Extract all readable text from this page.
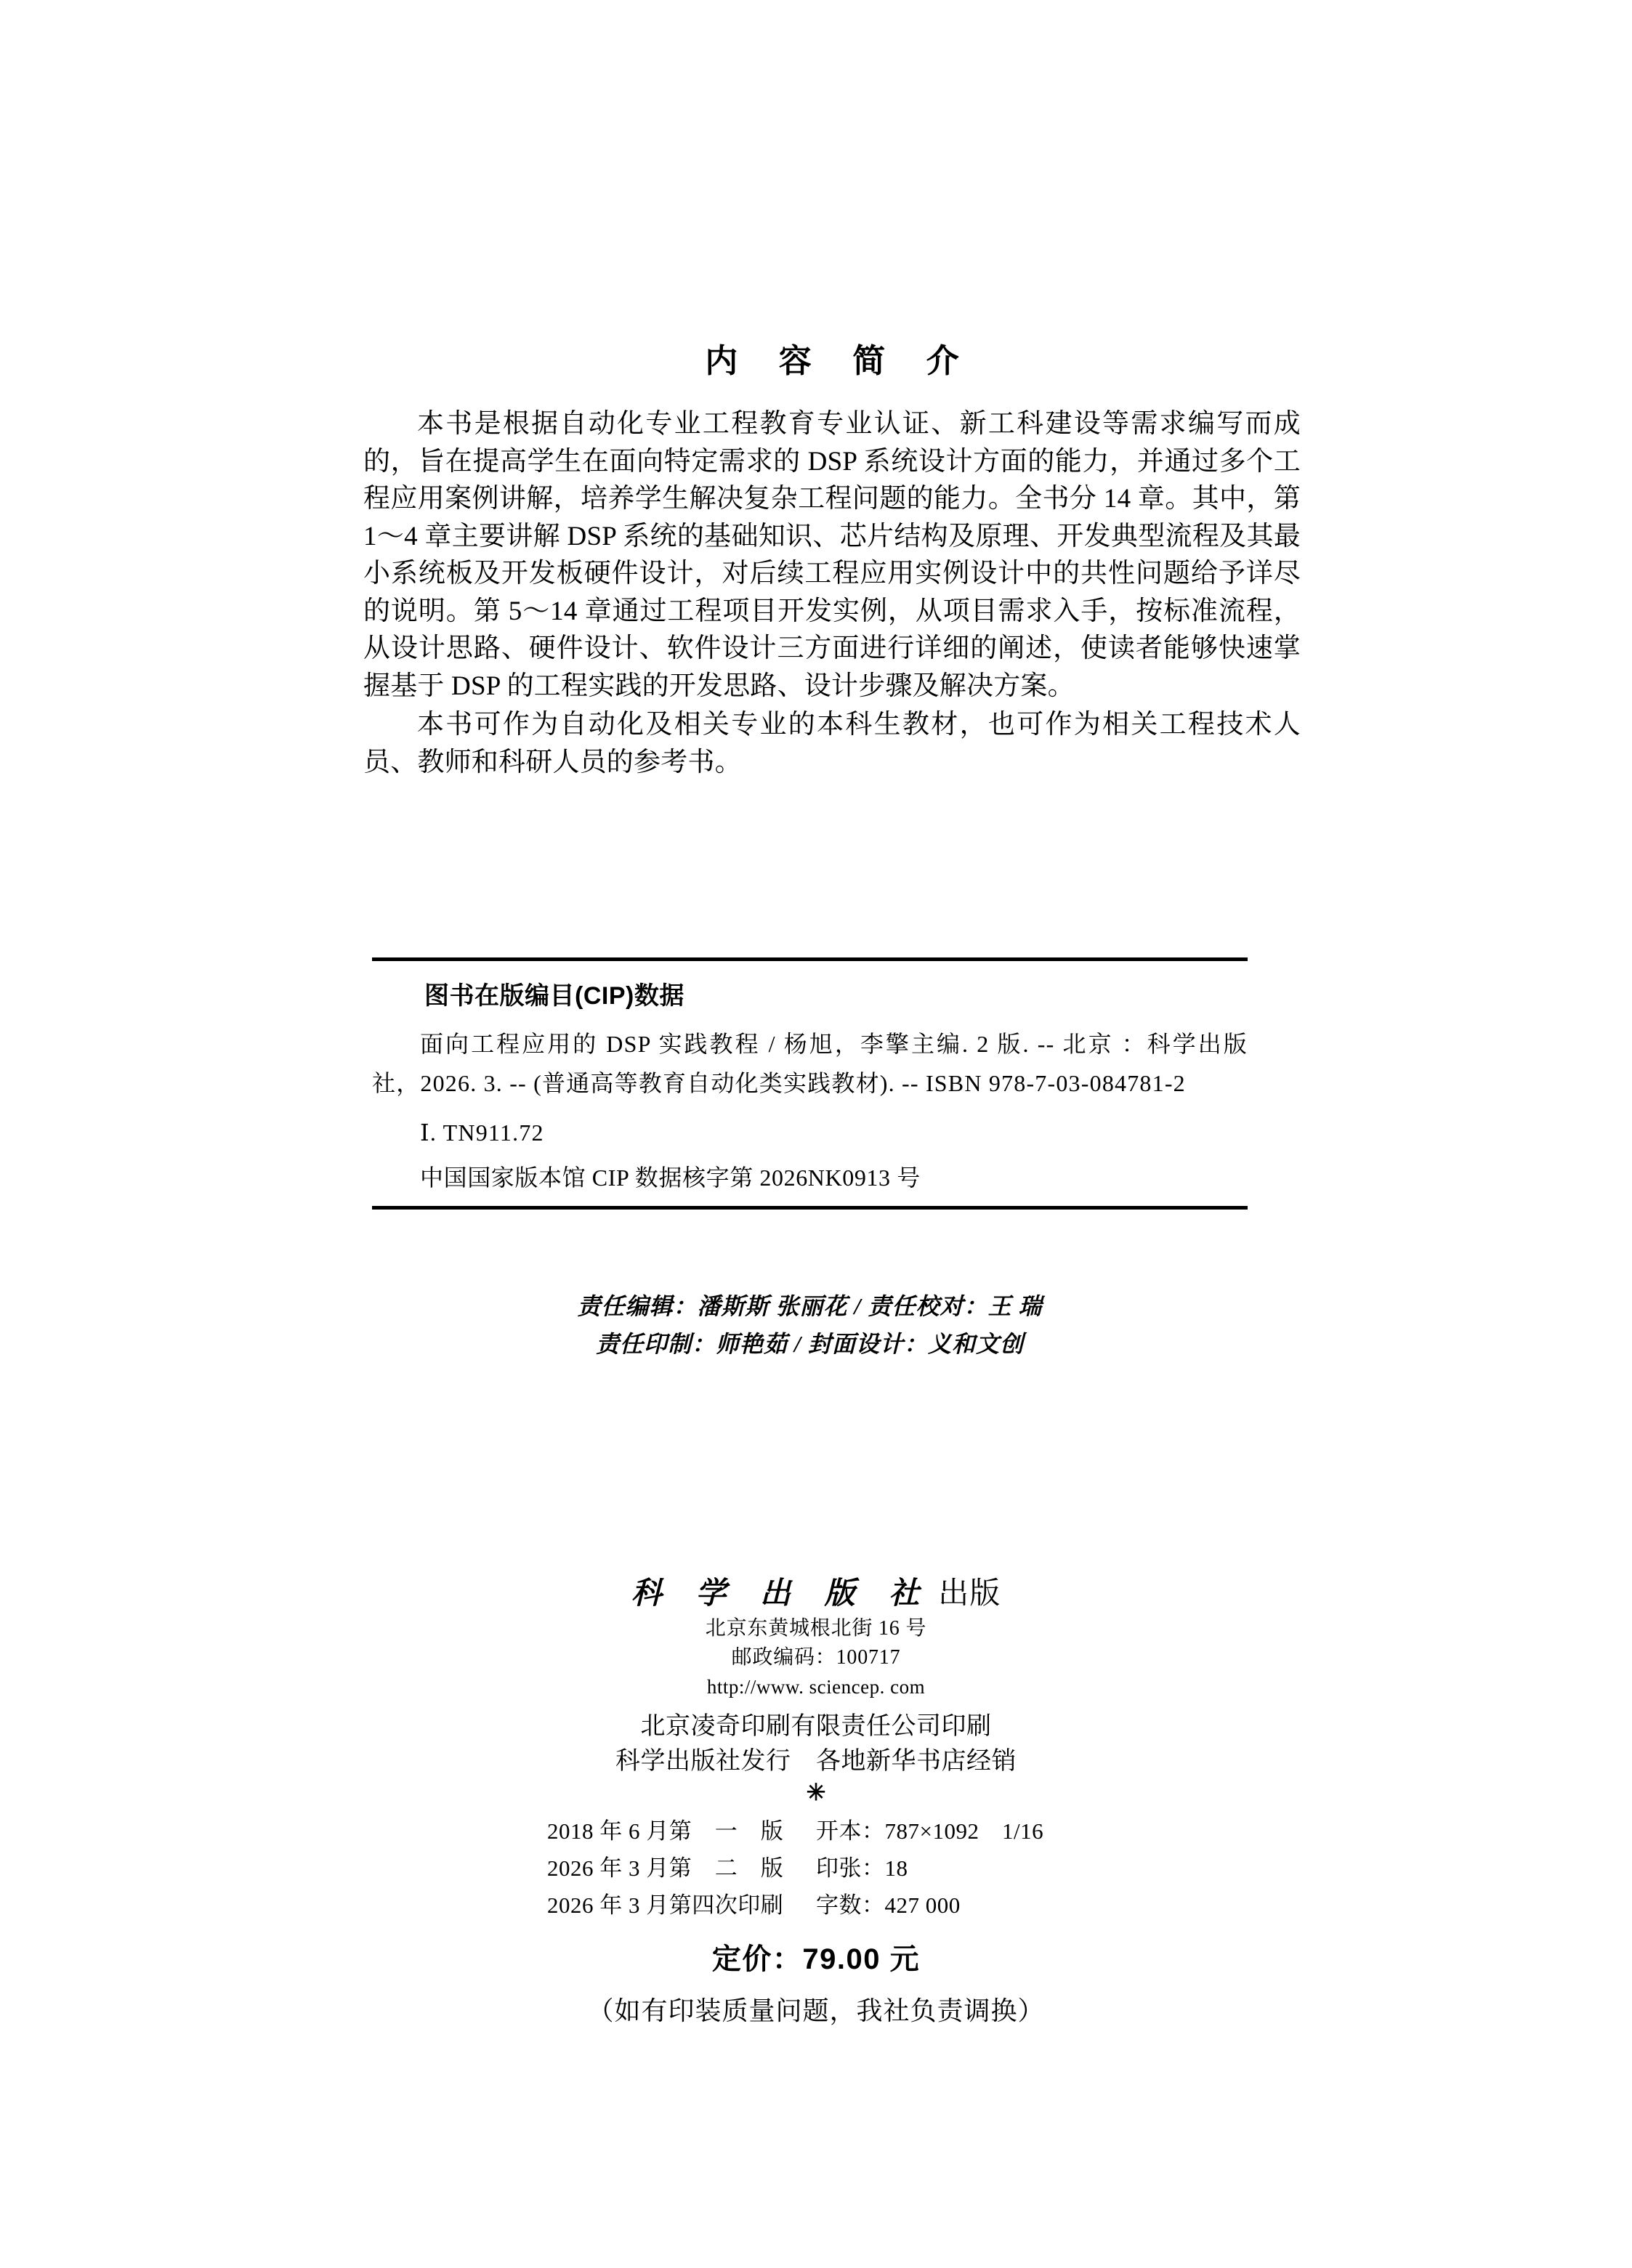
内 容 简 介

本书是根据自动化专业工程教育专业认证、新工科建设等需求编写而成的，旨在提高学生在面向特定需求的 DSP 系统设计方面的能力，并通过多个工程应用案例讲解，培养学生解决复杂工程问题的能力。全书分 14 章。其中，第 1～4 章主要讲解 DSP 系统的基础知识、芯片结构及原理、开发典型流程及其最小系统板及开发板硬件设计，对后续工程应用实例设计中的共性问题给予详尽的说明。第 5～14 章通过工程项目开发实例，从项目需求入手，按标准流程，从设计思路、硬件设计、软件设计三方面进行详细的阐述，使读者能够快速掌握基于 DSP 的工程实践的开发思路、设计步骤及解决方案。

本书可作为自动化及相关专业的本科生教材，也可作为相关工程技术人员、教师和科研人员的参考书。

图书在版编目(CIP)数据
面向工程应用的 DSP 实践教程 / 杨旭，李擎主编. 2 版. -- 北京 ：科学出版社，2026. 3. -- (普通高等教育自动化类实践教材). -- ISBN 978-7-03-084781-2
Ⅰ. TN911.72
中国国家版本馆 CIP 数据核字第 2026NK0913 号
责任编辑：潘斯斯 张丽花 / 责任校对：王 瑞
责任印制：师艳茹 / 封面设计：义和文创
科 学 出 版 社 出版
北京东黄城根北街 16 号
邮政编码：100717
http://www. sciencep. com
北京凌奇印刷有限责任公司印刷
科学出版社发行　各地新华书店经销
✳
2018 年 6 月第　一　版	开本：787×1092　1/16
2026 年 3 月第　二　版	印张：18
2026 年 3 月第四次印刷	字数：427 000
定价：79.00 元
（如有印装质量问题，我社负责调换）
